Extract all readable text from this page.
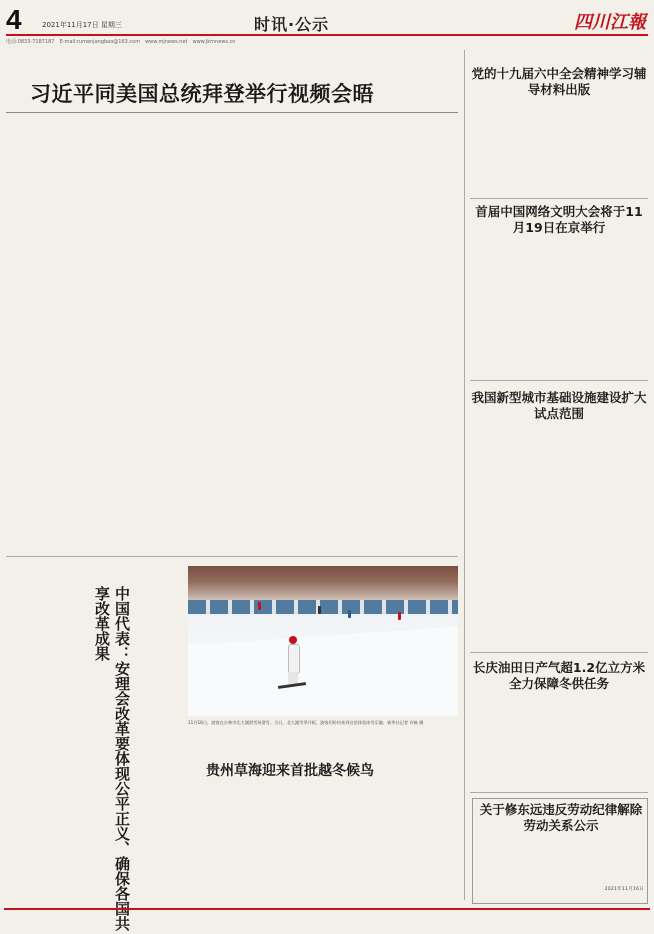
4	2021年11月17日 星期三	时讯·公示	四川江報
电话:0833-7187187　E-mail:rumenjangbao@163.com　www.mjnews.net　www.jkmnews.cn
习近平同美国总统拜登举行视频会晤
党的十九届六中全会精神学习辅导材料出版
首届中国网络文明大会将于11月19日在京举行
我国新型城市基础设施建设扩大试点范围
长庆油田日产气超1.2亿立方米全力保障冬供任务
中国代表：安理会改革要体现公平正义、确保各国共享改革成果
11月16日，游客在吉林市北大湖滑雪场滑雪。当日，北大湖雪季开板，游客们纷纷来到这里体验冰雪乐趣。新华社记者 许畅 摄
贵州草海迎来首批越冬候鸟
关于修东远违反劳动纪律解除劳动关系公示
2021年11月16日
